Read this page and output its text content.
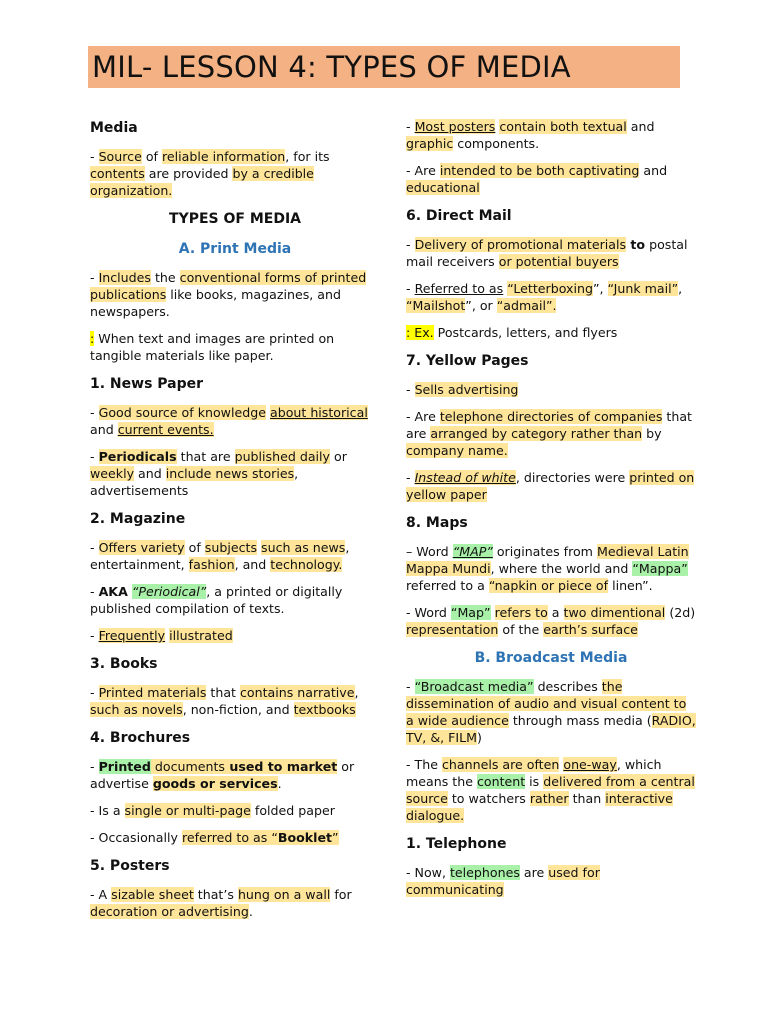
MIL- LESSON 4: TYPES OF MEDIA
Media

- Source of reliable information, for its contents are provided by a credible organization.

TYPES OF MEDIA
A. Print Media

- Includes the conventional forms of printed publications like books, magazines, and newspapers.

: When text and images are printed on tangible materials like paper.

1. News Paper

- Good source of knowledge about historical and current events.

- Periodicals that are published daily or weekly and include news stories, advertisements

2. Magazine

- Offers variety of subjects such as news, entertainment, fashion, and technology.

- AKA “Periodical”, a printed or digitally published compilation of texts.

- Frequently illustrated

3. Books

- Printed materials that contains narrative, such as novels, non-fiction, and textbooks

4. Brochures

- Printed documents used to market or advertise goods or services.

- Is a single or multi-page folded paper

- Occasionally referred to as “Booklet”

5. Posters

- A sizable sheet that’s hung on a wall for decoration or advertising.

- Most posters contain both textual and graphic components.

- Are intended to be both captivating and educational

6. Direct Mail

- Delivery of promotional materials to postal mail receivers or potential buyers

- Referred to as “Letterboxing”, “Junk mail”, “Mailshot”, or “admail”.

: Ex. Postcards, letters, and flyers

7. Yellow Pages

- Sells advertising

- Are telephone directories of companies that are arranged by category rather than by company name.

- Instead of white, directories were printed on yellow paper

8. Maps

– Word “MAP” originates from Medieval Latin Mappa Mundi, where the world and “Mappa” referred to a “napkin or piece of linen”.

- Word “Map” refers to a two dimentional (2d) representation of the earth’s surface

B. Broadcast Media

- “Broadcast media” describes the dissemination of audio and visual content to a wide audience through mass media (RADIO, TV, &, FILM)

- The channels are often one-way, which means the content is delivered from a central source to watchers rather than interactive dialogue.

1. Telephone

- Now, telephones are used for communicating
